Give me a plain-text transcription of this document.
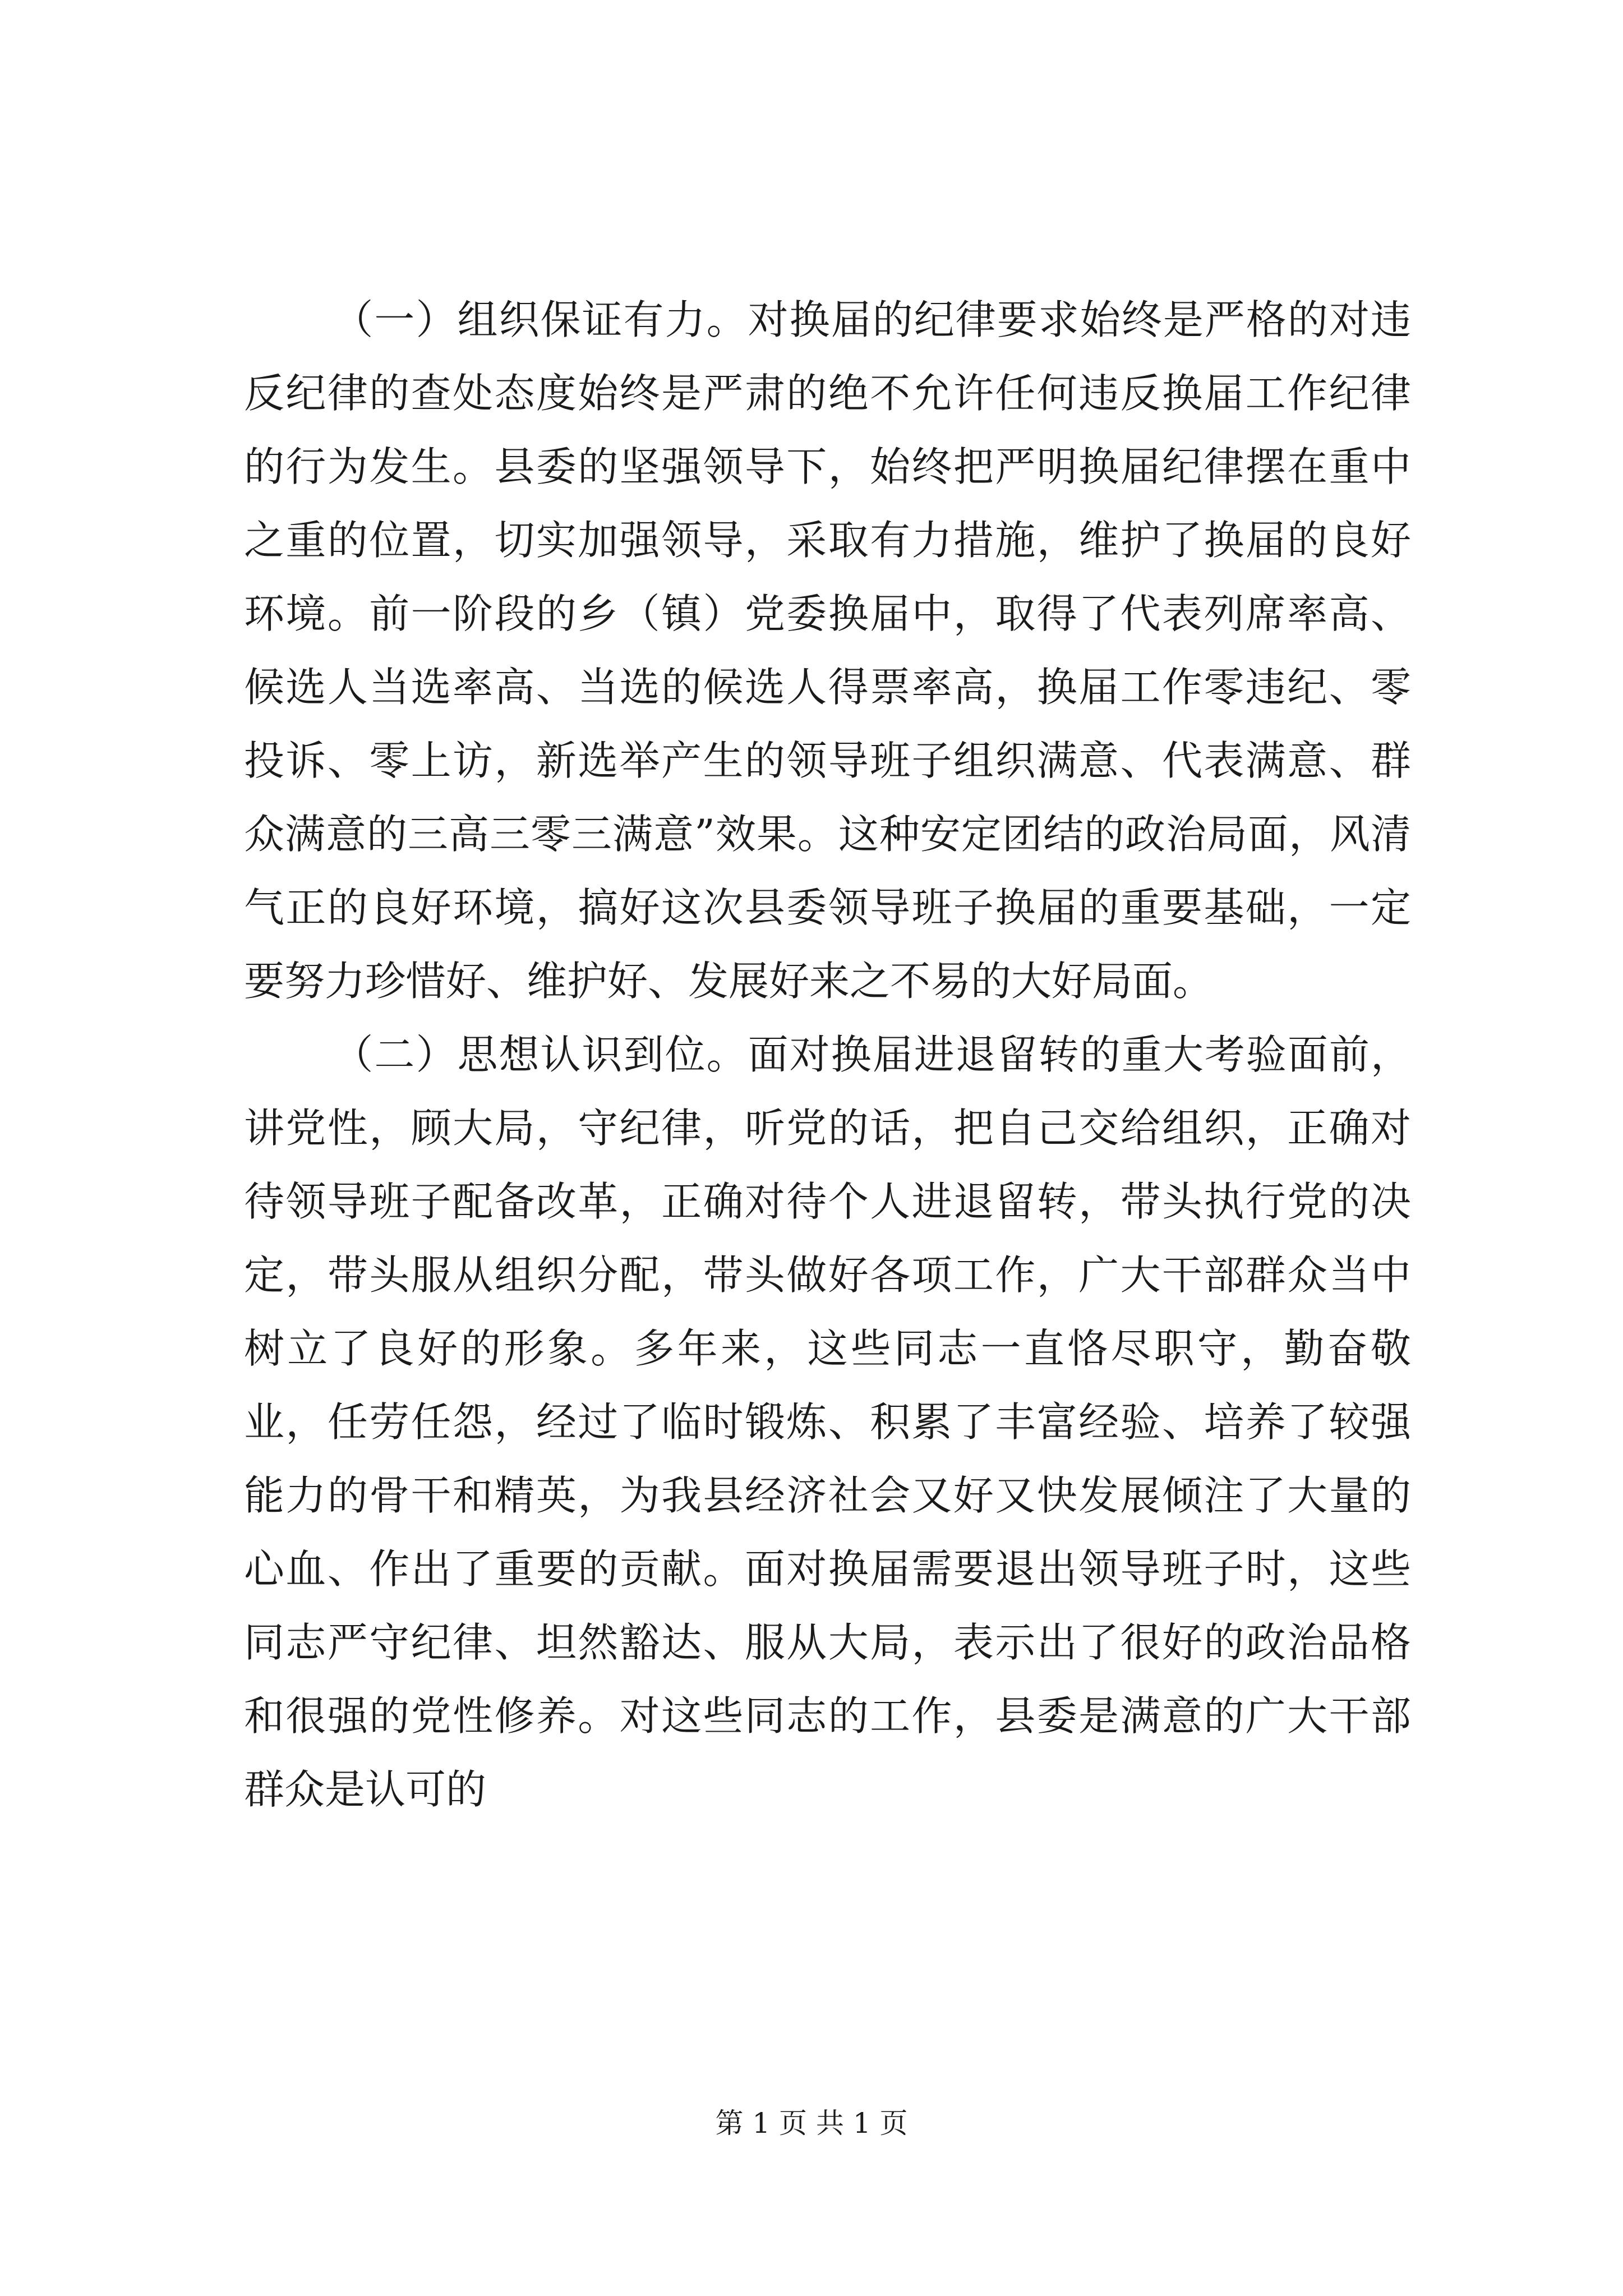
（一）组织保证有力。对换届的纪律要求始终是严格的对违反纪律的查处态度始终是严肃的绝不允许任何违反换届工作纪律的行为发生。县委的坚强领导下，始终把严明换届纪律摆在重中之重的位置，切实加强领导，采取有力措施，维护了换届的良好环境。前一阶段的乡（镇）党委换届中，取得了代表列席率高、候选人当选率高、当选的候选人得票率高，换届工作零违纪、零投诉、零上访，新选举产生的领导班子组织满意、代表满意、群众满意的三高三零三满意”效果。这种安定团结的政治局面，风清气正的良好环境，搞好这次县委领导班子换届的重要基础，一定要努力珍惜好、维护好、发展好来之不易的大好局面。

（二）思想认识到位。面对换届进退留转的重大考验面前，讲党性，顾大局，守纪律，听党的话，把自己交给组织，正确对待领导班子配备改革，正确对待个人进退留转，带头执行党的决定，带头服从组织分配，带头做好各项工作，广大干部群众当中树立了良好的形象。多年来，这些同志一直恪尽职守，勤奋敬业，任劳任怨，经过了临时锻炼、积累了丰富经验、培养了较强能力的骨干和精英，为我县经济社会又好又快发展倾注了大量的心血、作出了重要的贡献。面对换届需要退出领导班子时，这些同志严守纪律、坦然豁达、服从大局，表示出了很好的政治品格和很强的党性修养。对这些同志的工作，县委是满意的广大干部群众是认可的

第 1 页 共 1 页
